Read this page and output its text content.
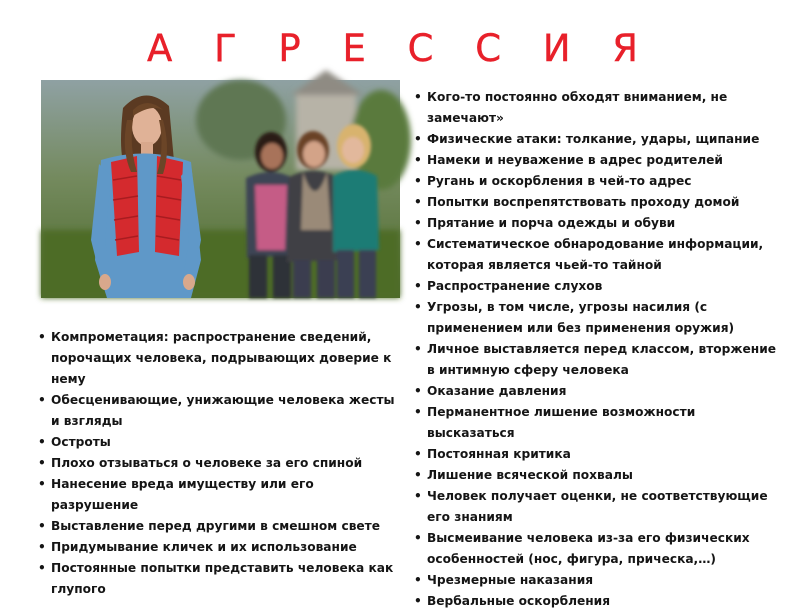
А Г Р Е С С И Я
• Компрометация: распространение сведений, порочащих человека, подрывающих доверие к нему
• Обесценивающие, унижающие человека жесты и взгляды
• Остроты
• Плохо отзываться о человеке за его спиной
• Нанесение вреда имуществу или его разрушение
• Выставление перед другими в смешном свете
• Придумывание кличек и их использование
• Постоянные попытки представить человека как глупого
• Кого-то постоянно обходят вниманием, не замечают»
• Физические атаки: толкание, удары, щипание
• Намеки и неуважение в адрес родителей
• Ругань и оскорбления в чей-то адрес
• Попытки воспрепятствовать проходу домой
• Прятание и порча одежды и обуви
• Систематическое обнародование информации, которая является чьей-то тайной
• Распространение слухов
• Угрозы, в том числе, угрозы насилия (с применением или без применения оружия)
• Личное выставляется перед классом, вторжение в интимную сферу человека
• Оказание давления
• Перманентное лишение возможности высказаться
• Постоянная критика
• Лишение всяческой похвалы
• Человек получает оценки, не соответствующие его знаниям
• Высмеивание человека из-за его физических особенностей (нос, фигура, прическа,…)
• Чрезмерные наказания
• Вербальные оскорбления
